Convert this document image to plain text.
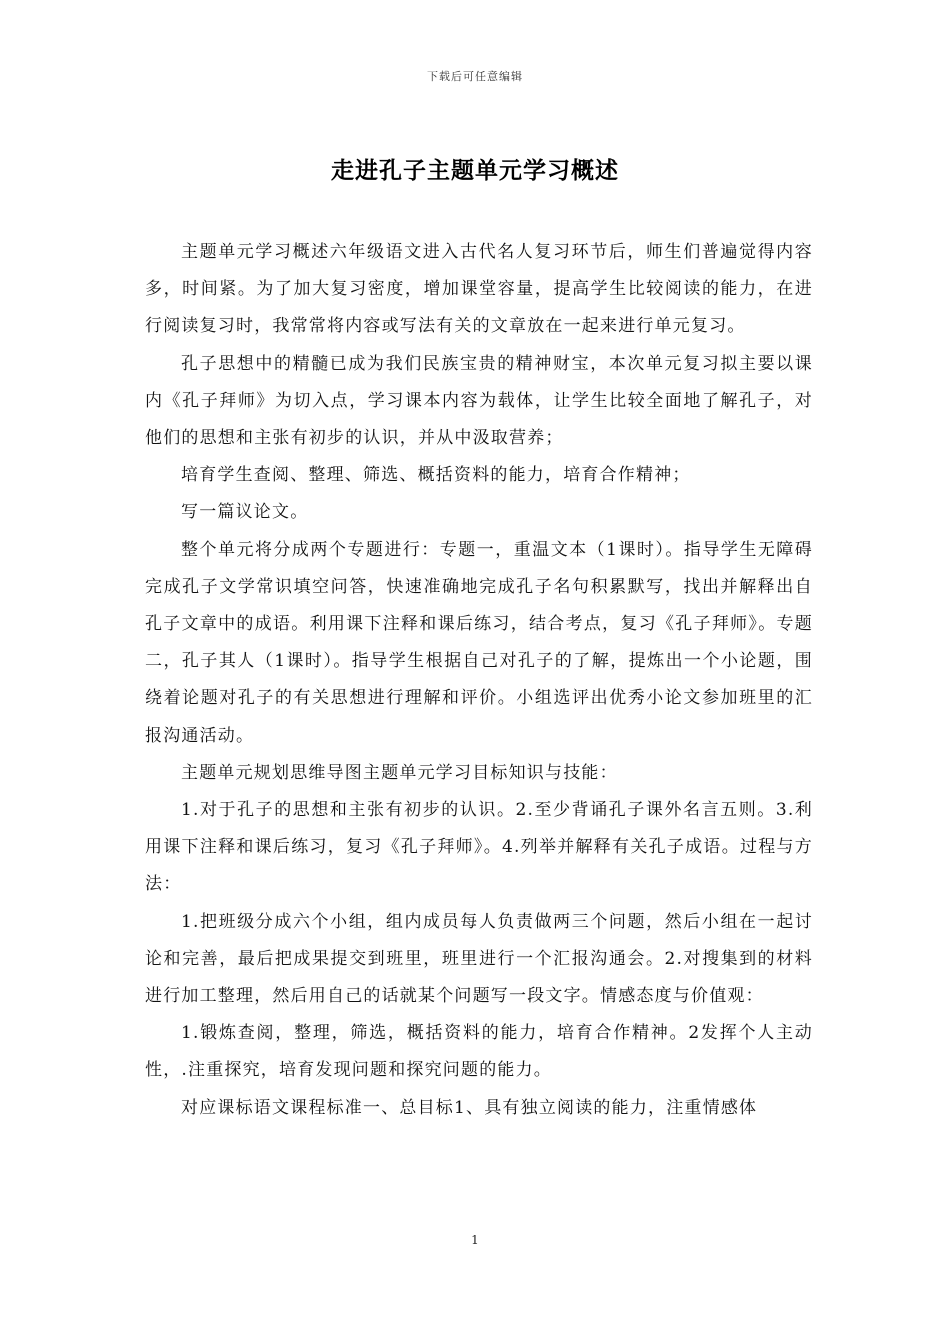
下载后可任意编辑
走进孔子主题单元学习概述

主题单元学习概述六年级语文进入古代名人复习环节后，师生们普遍觉得内容多，时间紧。为了加大复习密度，增加课堂容量，提高学生比较阅读的能力，在进行阅读复习时，我常常将内容或写法有关的文章放在一起来进行单元复习。

孔子思想中的精髓已成为我们民族宝贵的精神财宝，本次单元复习拟主要以课内《孔子拜师》为切入点，学习课本内容为载体，让学生比较全面地了解孔子，对他们的思想和主张有初步的认识，并从中汲取营养；

培育学生查阅、整理、筛选、概括资料的能力，培育合作精神；

写一篇议论文。

整个单元将分成两个专题进行：专题一，重温文本（1课时）。指导学生无障碍完成孔子文学常识填空问答，快速准确地完成孔子名句积累默写，找出并解释出自孔子文章中的成语。利用课下注释和课后练习，结合考点，复习《孔子拜师》。专题二，孔子其人（1课时）。指导学生根据自己对孔子的了解，提炼出一个小论题，围绕着论题对孔子的有关思想进行理解和评价。小组选评出优秀小论文参加班里的汇报沟通活动。

主题单元规划思维导图主题单元学习目标知识与技能：

1.对于孔子的思想和主张有初步的认识。2.至少背诵孔子课外名言五则。3.利用课下注释和课后练习，复习《孔子拜师》。4.列举并解释有关孔子成语。过程与方法：

1.把班级分成六个小组，组内成员每人负责做两三个问题，然后小组在一起讨论和完善，最后把成果提交到班里，班里进行一个汇报沟通会。2.对搜集到的材料进行加工整理，然后用自己的话就某个问题写一段文字。情感态度与价值观：

1.锻炼查阅，整理，筛选，概括资料的能力，培育合作精神。2发挥个人主动性，.注重探究，培育发现问题和探究问题的能力。

对应课标语文课程标准一、总目标1、具有独立阅读的能力，注重情感体

1
